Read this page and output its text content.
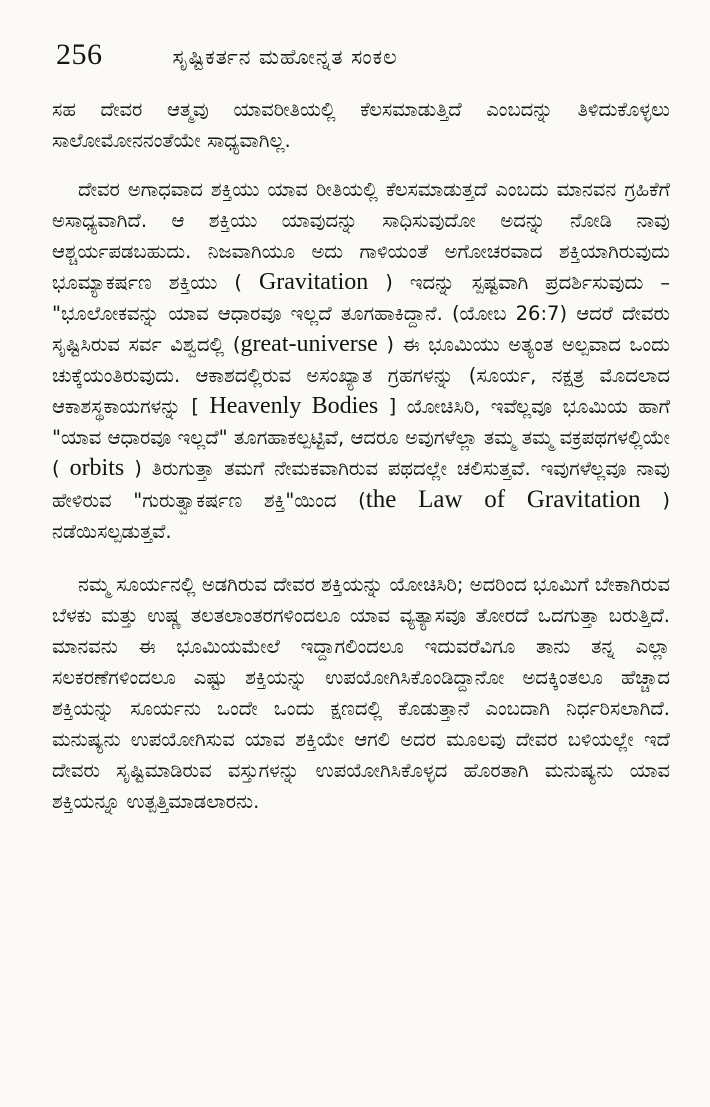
256	ಸೃಷ್ಟಿಕರ್ತನ ಮಹೋನ್ನತ ಸಂಕಲ

ಸಹ ದೇವರ ಆತ್ಮವು ಯಾವರೀತಿಯಲ್ಲಿ ಕೆಲಸಮಾಡುತ್ತಿದೆ ಎಂಬದನ್ನು ತಿಳಿದುಕೊಳ್ಳಲು ಸಾಲೋಮೋನನಂತೆಯೇ ಸಾಧ್ಯವಾಗಿಲ್ಲ.

ದೇವರ ಅಗಾಧವಾದ ಶಕ್ತಿಯು ಯಾವ ರೀತಿಯಲ್ಲಿ ಕೆಲಸಮಾಡುತ್ತದೆ ಎಂಬದು ಮಾನವನ ಗ್ರಹಿಕೆಗೆ ಅಸಾಧ್ಯವಾಗಿದೆ. ಆ ಶಕ್ತಿಯು ಯಾವುದನ್ನು ಸಾಧಿಸುವುದೋ ಅದನ್ನು ನೋಡಿ ನಾವು ಆಶ್ಚರ್ಯಪಡಬಹುದು. ನಿಜವಾಗಿಯೂ ಅದು ಗಾಳಿಯಂತೆ ಅಗೋಚರವಾದ ಶಕ್ತಿಯಾಗಿರುವುದು ಭೂಮ್ಯಾಕರ್ಷಣ ಶಕ್ತಿಯು ( Gravitation ) ಇದನ್ನು ಸ್ಪಷ್ಟವಾಗಿ ಪ್ರದರ್ಶಿಸುವುದು – "ಭೂಲೋಕವನ್ನು ಯಾವ ಆಧಾರವೂ ಇಲ್ಲದೆ ತೂಗಹಾಕಿದ್ದಾನೆ. (ಯೋಬ 26:7) ಆದರೆ ದೇವರು ಸೃಷ್ಟಿಸಿರುವ ಸರ್ವ ವಿಶ್ವದಲ್ಲಿ (great-universe ) ಈ ಭೂಮಿಯು ಅತ್ಯಂತ ಅಲ್ಪವಾದ ಒಂದು ಚುಕ್ಕೆಯಂತಿರುವುದು. ಆಕಾಶದಲ್ಲಿರುವ ಅಸಂಖ್ಯಾತ ಗ್ರಹಗಳನ್ನು (ಸೂರ್ಯ, ನಕ್ಷತ್ರ ಮೊದಲಾದ ಆಕಾಶಸ್ಥಕಾಯಗಳನ್ನು [ Heavenly Bodies ] ಯೋಚಿಸಿರಿ, ಇವೆಲ್ಲವೂ ಭೂಮಿಯ ಹಾಗೆ "ಯಾವ ಆಧಾರವೂ ಇಲ್ಲದೆ" ತೂಗಹಾಕಲ್ಪಟ್ಟಿವೆ, ಆದರೂ ಅವುಗಳೆಲ್ಲಾ ತಮ್ಮ ತಮ್ಮ ವಕ್ರಪಥಗಳಲ್ಲಿಯೇ ( orbits ) ತಿರುಗುತ್ತಾ ತಮಗೆ ನೇಮಕವಾಗಿರುವ ಪಥದಲ್ಲೇ ಚಲಿಸುತ್ತವೆ. ಇವುಗಳೆಲ್ಲವೂ ನಾವು ಹೇಳಿರುವ "ಗುರುತ್ವಾಕರ್ಷಣ ಶಕ್ತಿ"ಯಿಂದ (the Law of Gravitation ) ನಡೆಯಿಸಲ್ಪಡುತ್ತವೆ.

ನಮ್ಮ ಸೂರ್ಯನಲ್ಲಿ ಅಡಗಿರುವ ದೇವರ ಶಕ್ತಿಯನ್ನು ಯೋಚಿಸಿರಿ; ಅದರಿಂದ ಭೂಮಿಗೆ ಬೇಕಾಗಿರುವ ಬೆಳಕು ಮತ್ತು ಉಷ್ಣ ತಲತಲಾಂತರಗಳಿಂದಲೂ ಯಾವ ವ್ಯತ್ಯಾಸವೂ ತೋರದೆ ಒದಗುತ್ತಾ ಬರುತ್ತಿದೆ. ಮಾನವನು ಈ ಭೂಮಿಯಮೇಲೆ ಇದ್ದಾಗಲಿಂದಲೂ ಇದುವರೆವಿಗೂ ತಾನು ತನ್ನ ಎಲ್ಲಾ ಸಲಕರಣೆಗಳಿಂದಲೂ ಎಷ್ಟು ಶಕ್ತಿಯನ್ನು ಉಪಯೋಗಿಸಿಕೊಂಡಿದ್ದಾನೋ ಅದಕ್ಕಿಂತಲೂ ಹೆಚ್ಚಾದ ಶಕ್ತಿಯನ್ನು ಸೂರ್ಯನು ಒಂದೇ ಒಂದು ಕ್ಷಣದಲ್ಲಿ ಕೊಡುತ್ತಾನೆ ಎಂಬದಾಗಿ ನಿರ್ಧರಿಸಲಾಗಿದೆ. ಮನುಷ್ಯನು ಉಪಯೋಗಿಸುವ ಯಾವ ಶಕ್ತಿಯೇ ಆಗಲಿ ಅದರ ಮೂಲವು ದೇವರ ಬಳಿಯಲ್ಲೇ ಇದೆ ದೇವರು ಸೃಷ್ಟಿಮಾಡಿರುವ ವಸ್ತುಗಳನ್ನು ಉಪಯೋಗಿಸಿಕೊಳ್ಳದ ಹೊರತಾಗಿ ಮನುಷ್ಯನು ಯಾವ ಶಕ್ತಿಯನ್ನೂ ಉತ್ಪತ್ತಿಮಾಡಲಾರನು.
